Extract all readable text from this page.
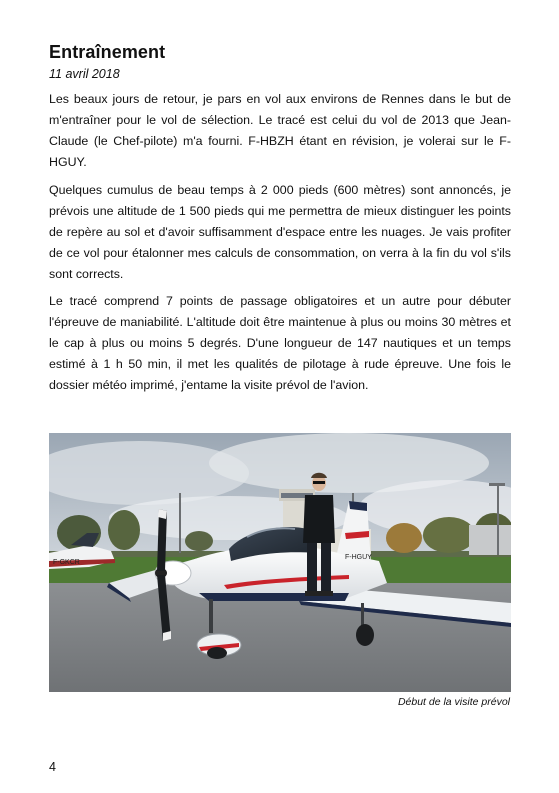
Entraînement
11 avril 2018

Les beaux jours de retour, je pars en vol aux environs de Rennes dans le but de m'entraîner pour le vol de sélection. Le tracé est celui du vol de 2013 que Jean-Claude (le Chef-pilote) m'a fourni. F-HBZH étant en révision, je volerai sur le F-HGUY.

Quelques cumulus de beau temps à 2 000 pieds (600 mètres) sont annoncés, je prévois une altitude de 1 500 pieds qui me permettra de mieux distinguer les points de repère au sol et d'avoir suffisamment d'espace entre les nuages. Je vais profiter de ce vol pour étalonner mes calculs de consommation, on verra à la fin du vol s'ils sont corrects.

Le tracé comprend 7 points de passage obligatoires et un autre pour débuter l'épreuve de maniabilité. L'altitude doit être maintenue à plus ou moins 30 mètres et le cap à plus ou moins 5 degrés. D'une longueur de 147 nautiques et un temps estimé à 1 h 50 min, il met les qualités de pilotage à rude épreuve. Une fois le dossier météo imprimé, j'entame la visite prévol de l'avion.

F-GKCR
F-HGUY
Début de la visite prévol
4
